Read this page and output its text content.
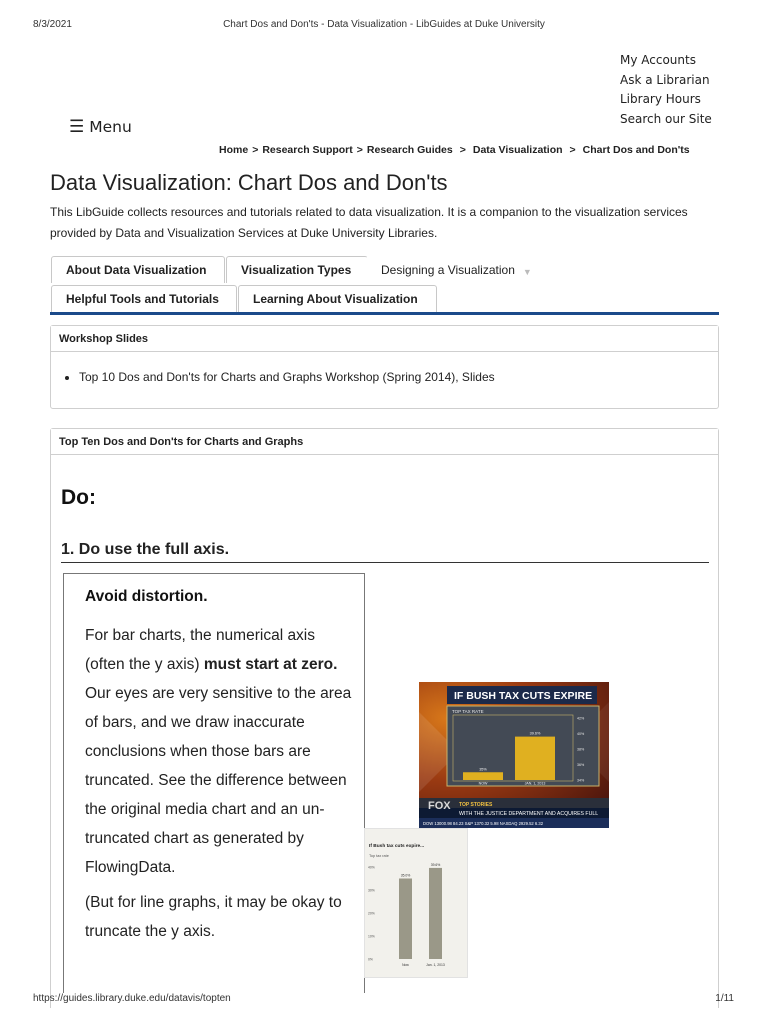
8/3/2021	Chart Dos and Don'ts - Data Visualization - LibGuides at Duke University
My Accounts
Ask a Librarian
Library Hours
Search our Site
☰ Menu
Home > Research Support > Research Guides > Data Visualization > Chart Dos and Don'ts
Data Visualization: Chart Dos and Don'ts

This LibGuide collects resources and tutorials related to data visualization. It is a companion to the visualization services provided by Data and Visualization Services at Duke University Libraries.

About Data Visualization	Visualization Types Designing a Visualization ▼
Helpful Tools and Tutorials	Learning About Visualization
Workshop Slides
• Top 10 Dos and Don'ts for Charts and Graphs Workshop (Spring 2014), Slides
Top Ten Dos and Don'ts for Charts and Graphs
Do:
1. Do use the full axis.
Avoid distortion.

For bar charts, the numerical axis (often the y axis) must start at zero. Our eyes are very sensitive to the area of bars, and we draw inaccurate conclusions when those bars are truncated. See the difference between the original media chart and an un-truncated chart as generated by FlowingData.

(But for line graphs, it may be okay to truncate the y axis.

IF BUSH TAX CUTS EXPIRE
TOP TAX RATE
42%
40%
38%
36%
34%
35%
NOW
39.6%
JAN. 1, 2013
FOX TOP STORIES
WITH THE JUSTICE DEPARTMENT AND ACQUIRES FULL
DOW 13000.98 84.23 S&P 1370.32 5.98 NASDAQ 2929.52 6.32
If Bush tax cuts expire...
Top tax rate
40%
30%
20%
10%
0%
35.0%
Now
39.6%
Jan. 1, 2013
https://guides.library.duke.edu/datavis/topten	1/11
